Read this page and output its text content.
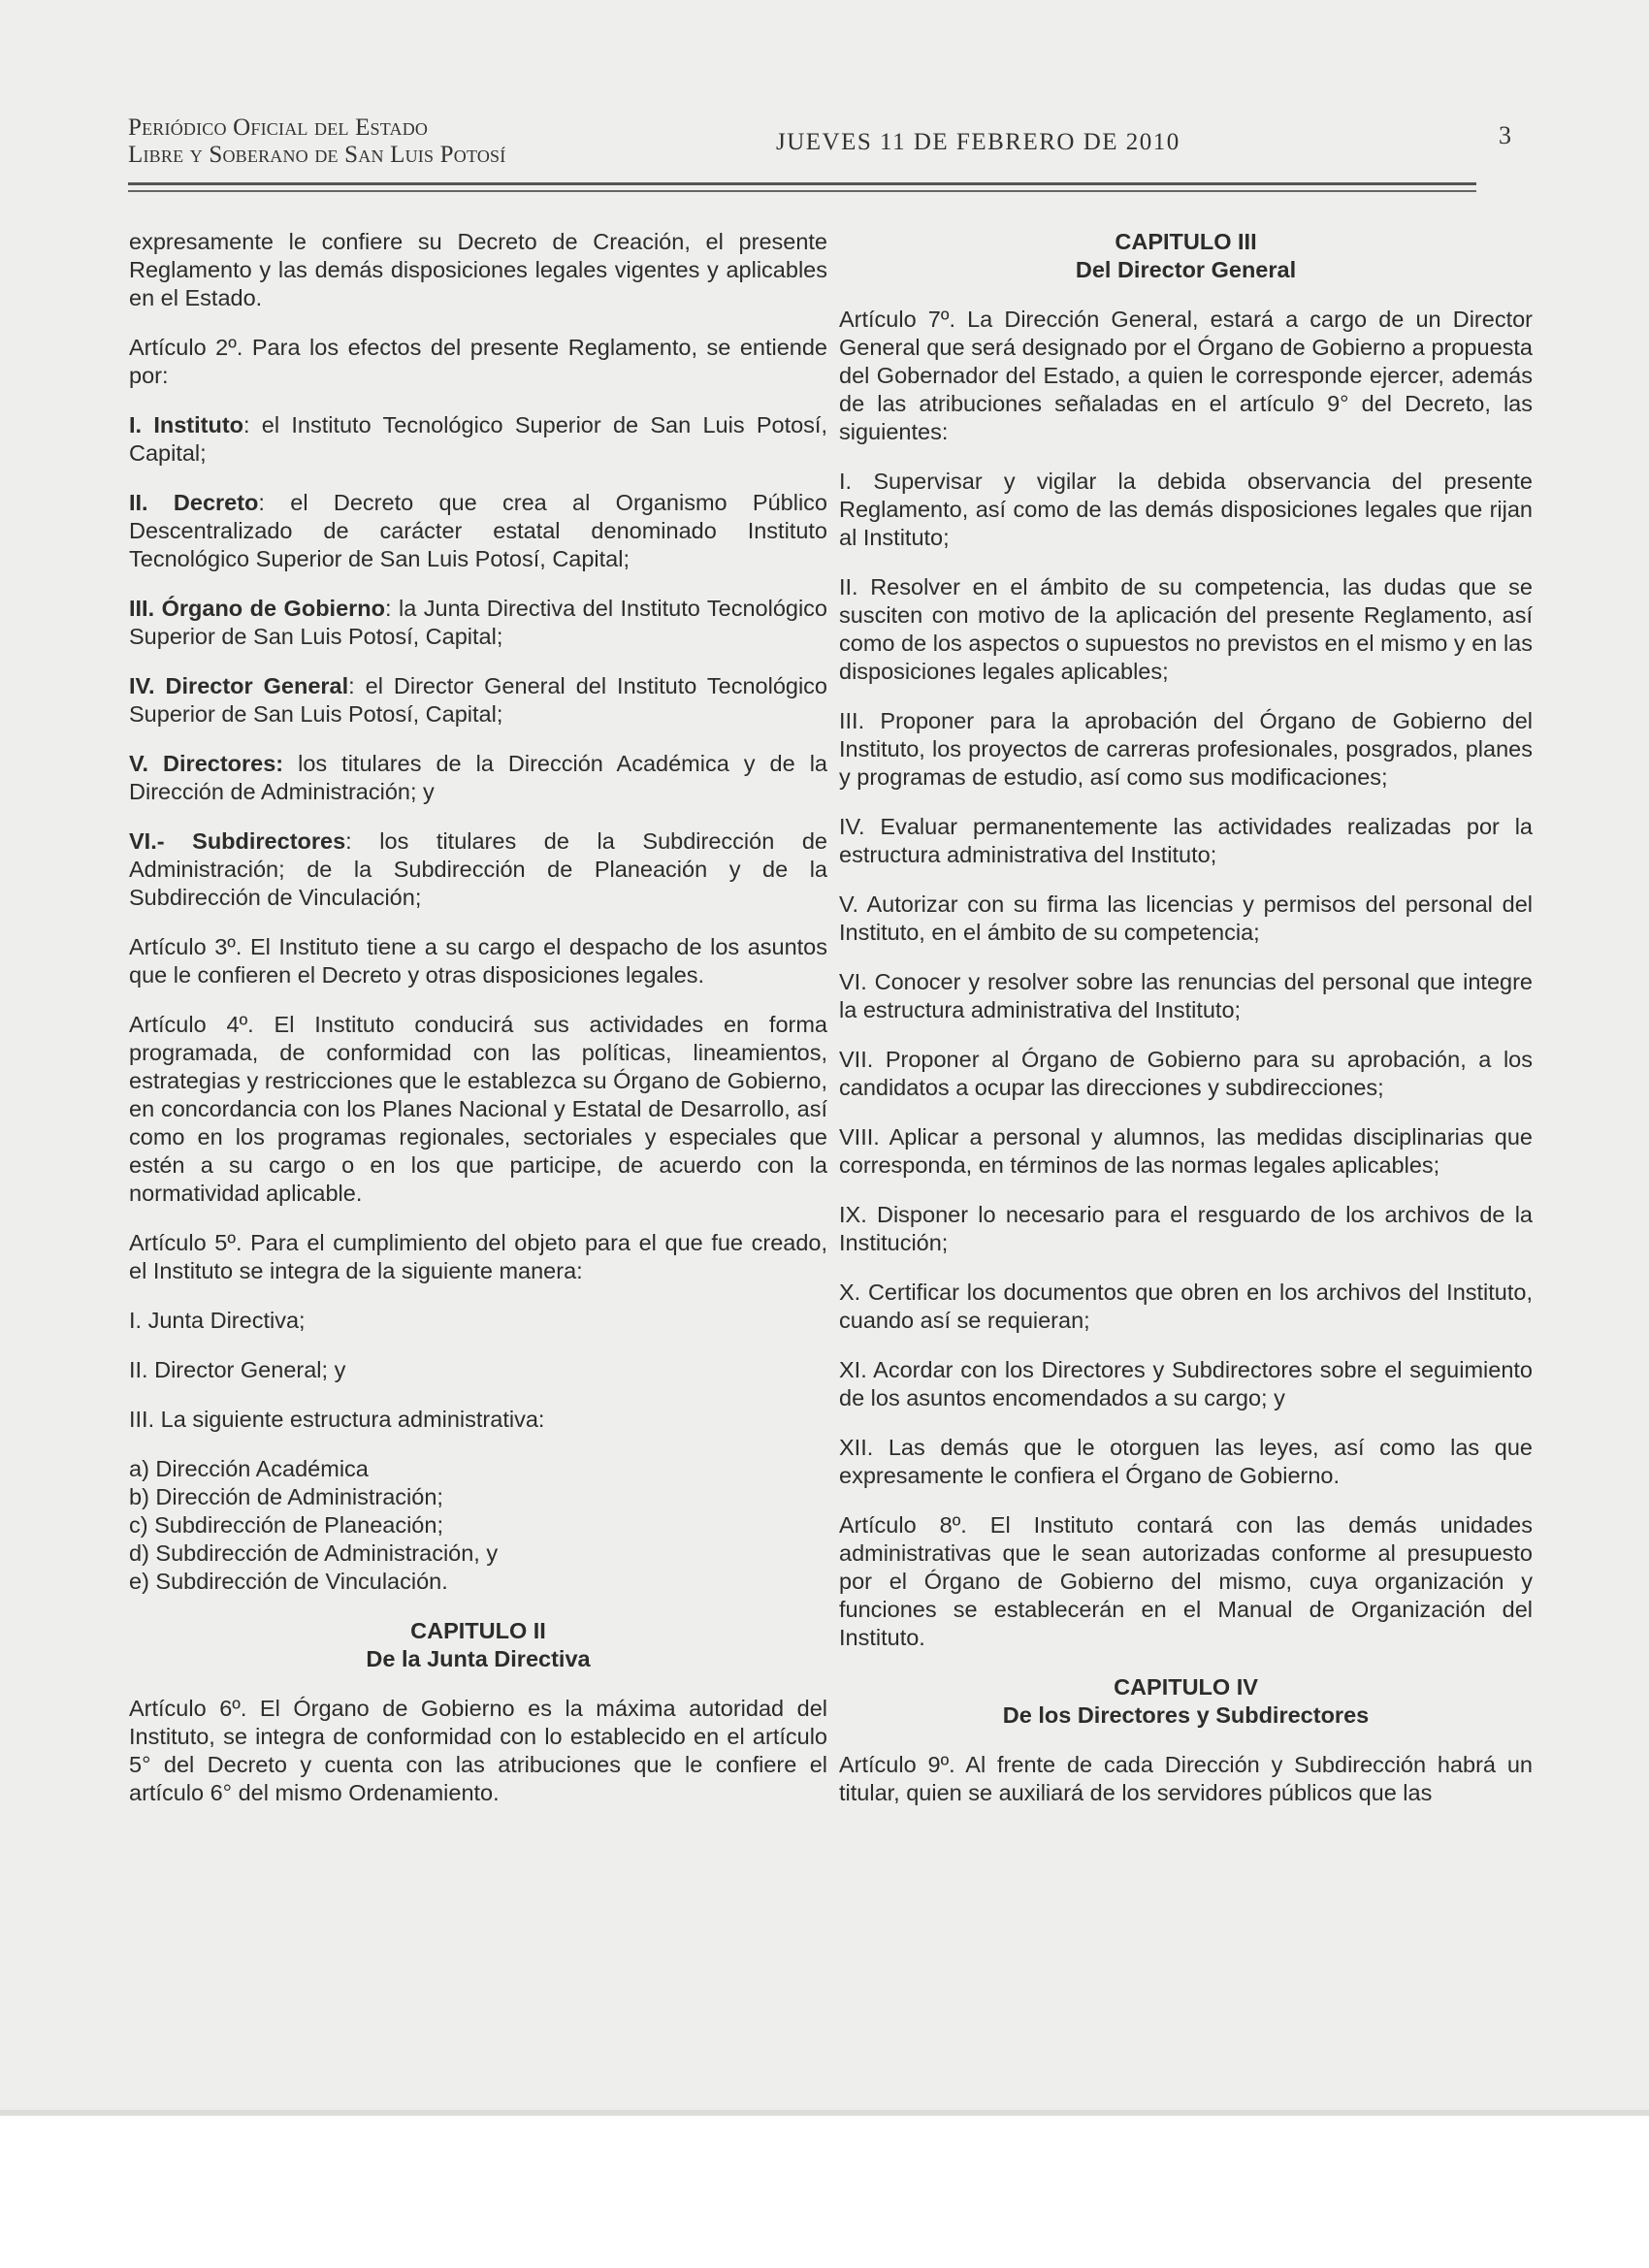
Periódico Oficial del Estado
Libre y Soberano de San Luis Potosí	JUEVES 11 DE FEBRERO DE 2010	3

expresamente le confiere su Decreto de Creación, el presente Reglamento y las demás disposiciones legales vigentes y aplicables en el Estado.

Artículo 2º. Para los efectos del presente Reglamento, se entiende por:

I. Instituto: el Instituto Tecnológico Superior de San Luis Potosí, Capital;

II. Decreto: el Decreto que crea al Organismo Público Descentralizado de carácter estatal denominado Instituto Tecnológico Superior de San Luis Potosí, Capital;

III. Órgano de Gobierno: la Junta Directiva del Instituto Tecnológico Superior de San Luis Potosí, Capital;

IV. Director General: el Director General del Instituto Tecnológico Superior de San Luis Potosí, Capital;

V. Directores: los titulares de la Dirección Académica y de la Dirección de Administración; y

VI.- Subdirectores: los titulares de la Subdirección de Administración; de la Subdirección de Planeación y de la Subdirección de Vinculación;

Artículo 3º. El Instituto tiene a su cargo el despacho de los asuntos que le confieren el Decreto y otras disposiciones legales.

Artículo 4º. El Instituto conducirá sus actividades en forma programada, de conformidad con las políticas, lineamientos, estrategias y restricciones que le establezca su Órgano de Gobierno, en concordancia con los Planes Nacional y Estatal de Desarrollo, así como en los programas regionales, sectoriales y especiales que estén a su cargo o en los que participe, de acuerdo con la normatividad aplicable.

Artículo 5º. Para el cumplimiento del objeto para el que fue creado, el Instituto se integra de la siguiente manera:

I. Junta Directiva;

II. Director General; y

III. La siguiente estructura administrativa:

a) Dirección Académica

b) Dirección de Administración;

c) Subdirección de Planeación;

d) Subdirección de Administración, y

e) Subdirección de Vinculación.

CAPITULO II
De la Junta Directiva

Artículo 6º. El Órgano de Gobierno es la máxima autoridad del Instituto, se integra de conformidad con lo establecido en el artículo 5° del Decreto y cuenta con las atribuciones que le confiere el artículo 6° del mismo Ordenamiento.

CAPITULO III
Del Director General

Artículo 7º. La Dirección General, estará a cargo de un Director General que será designado por el Órgano de Gobierno a propuesta del Gobernador del Estado, a quien le corresponde ejercer, además de las atribuciones señaladas en el artículo 9° del Decreto, las siguientes:

I. Supervisar y vigilar la debida observancia del presente Reglamento, así como de las demás disposiciones legales que rijan al Instituto;

II. Resolver en el ámbito de su competencia, las dudas que se susciten con motivo de la aplicación del presente Reglamento, así como de los aspectos o supuestos no previstos en el mismo y en las disposiciones legales aplicables;

III. Proponer para la aprobación del Órgano de Gobierno del Instituto, los proyectos de carreras profesionales, posgrados, planes y programas de estudio, así como sus modificaciones;

IV. Evaluar permanentemente las actividades realizadas por la estructura administrativa del Instituto;

V. Autorizar con su firma las licencias y permisos del personal del Instituto, en el ámbito de su competencia;

VI. Conocer y resolver sobre las renuncias del personal que integre la estructura administrativa del Instituto;

VII. Proponer al Órgano de Gobierno para su aprobación, a los candidatos a ocupar las direcciones y subdirecciones;

VIII. Aplicar a personal y alumnos, las medidas disciplinarias que corresponda, en términos de las normas legales aplicables;

IX. Disponer lo necesario para el resguardo de los archivos de la Institución;

X. Certificar los documentos que obren en los archivos del Instituto, cuando así se requieran;

XI. Acordar con los Directores y Subdirectores sobre el seguimiento de los asuntos encomendados a su cargo; y

XII. Las demás que le otorguen las leyes, así como las que expresamente le confiera el Órgano de Gobierno.

Artículo 8º. El Instituto contará con las demás unidades administrativas que le sean autorizadas conforme al presupuesto por el Órgano de Gobierno del mismo, cuya organización y funciones se establecerán en el Manual de Organización del Instituto.

CAPITULO IV
De los Directores y Subdirectores

Artículo 9º. Al frente de cada Dirección y Subdirección habrá un titular, quien se auxiliará de los servidores públicos que las
